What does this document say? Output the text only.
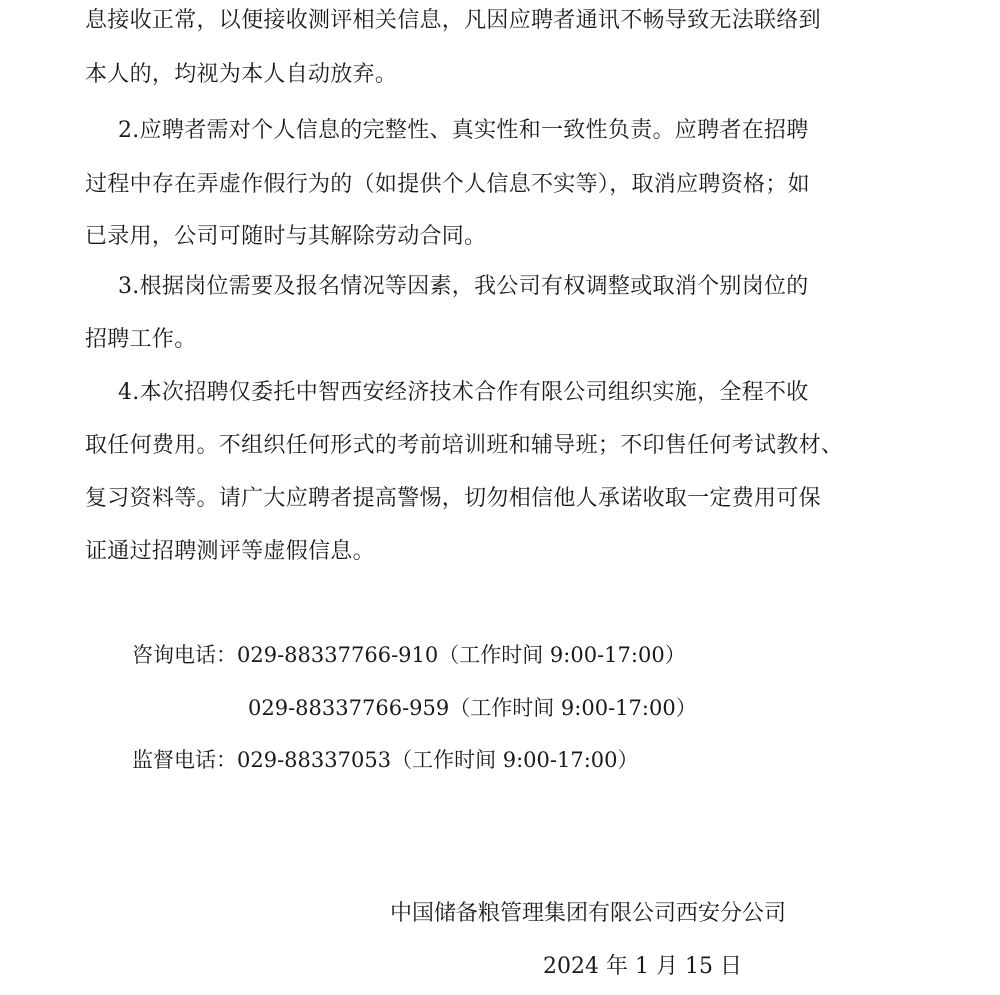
息接收正常，以便接收测评相关信息，凡因应聘者通讯不畅导致无法联络到
本人的，均视为本人自动放弃。
2.应聘者需对个人信息的完整性、真实性和一致性负责。应聘者在招聘
过程中存在弄虚作假行为的（如提供个人信息不实等），取消应聘资格；如
已录用，公司可随时与其解除劳动合同。
3.根据岗位需要及报名情况等因素，我公司有权调整或取消个别岗位的
招聘工作。
4.本次招聘仅委托中智西安经济技术合作有限公司组织实施，全程不收
取任何费用。不组织任何形式的考前培训班和辅导班；不印售任何考试教材、
复习资料等。请广大应聘者提高警惕，切勿相信他人承诺收取一定费用可保
证通过招聘测评等虚假信息。
咨询电话：029-88337766-910（工作时间 9:00-17:00）
029-88337766-959（工作时间 9:00-17:00）
监督电话：029-88337053（工作时间 9:00-17:00）
中国储备粮管理集团有限公司西安分公司
2024 年 1 月 15 日
